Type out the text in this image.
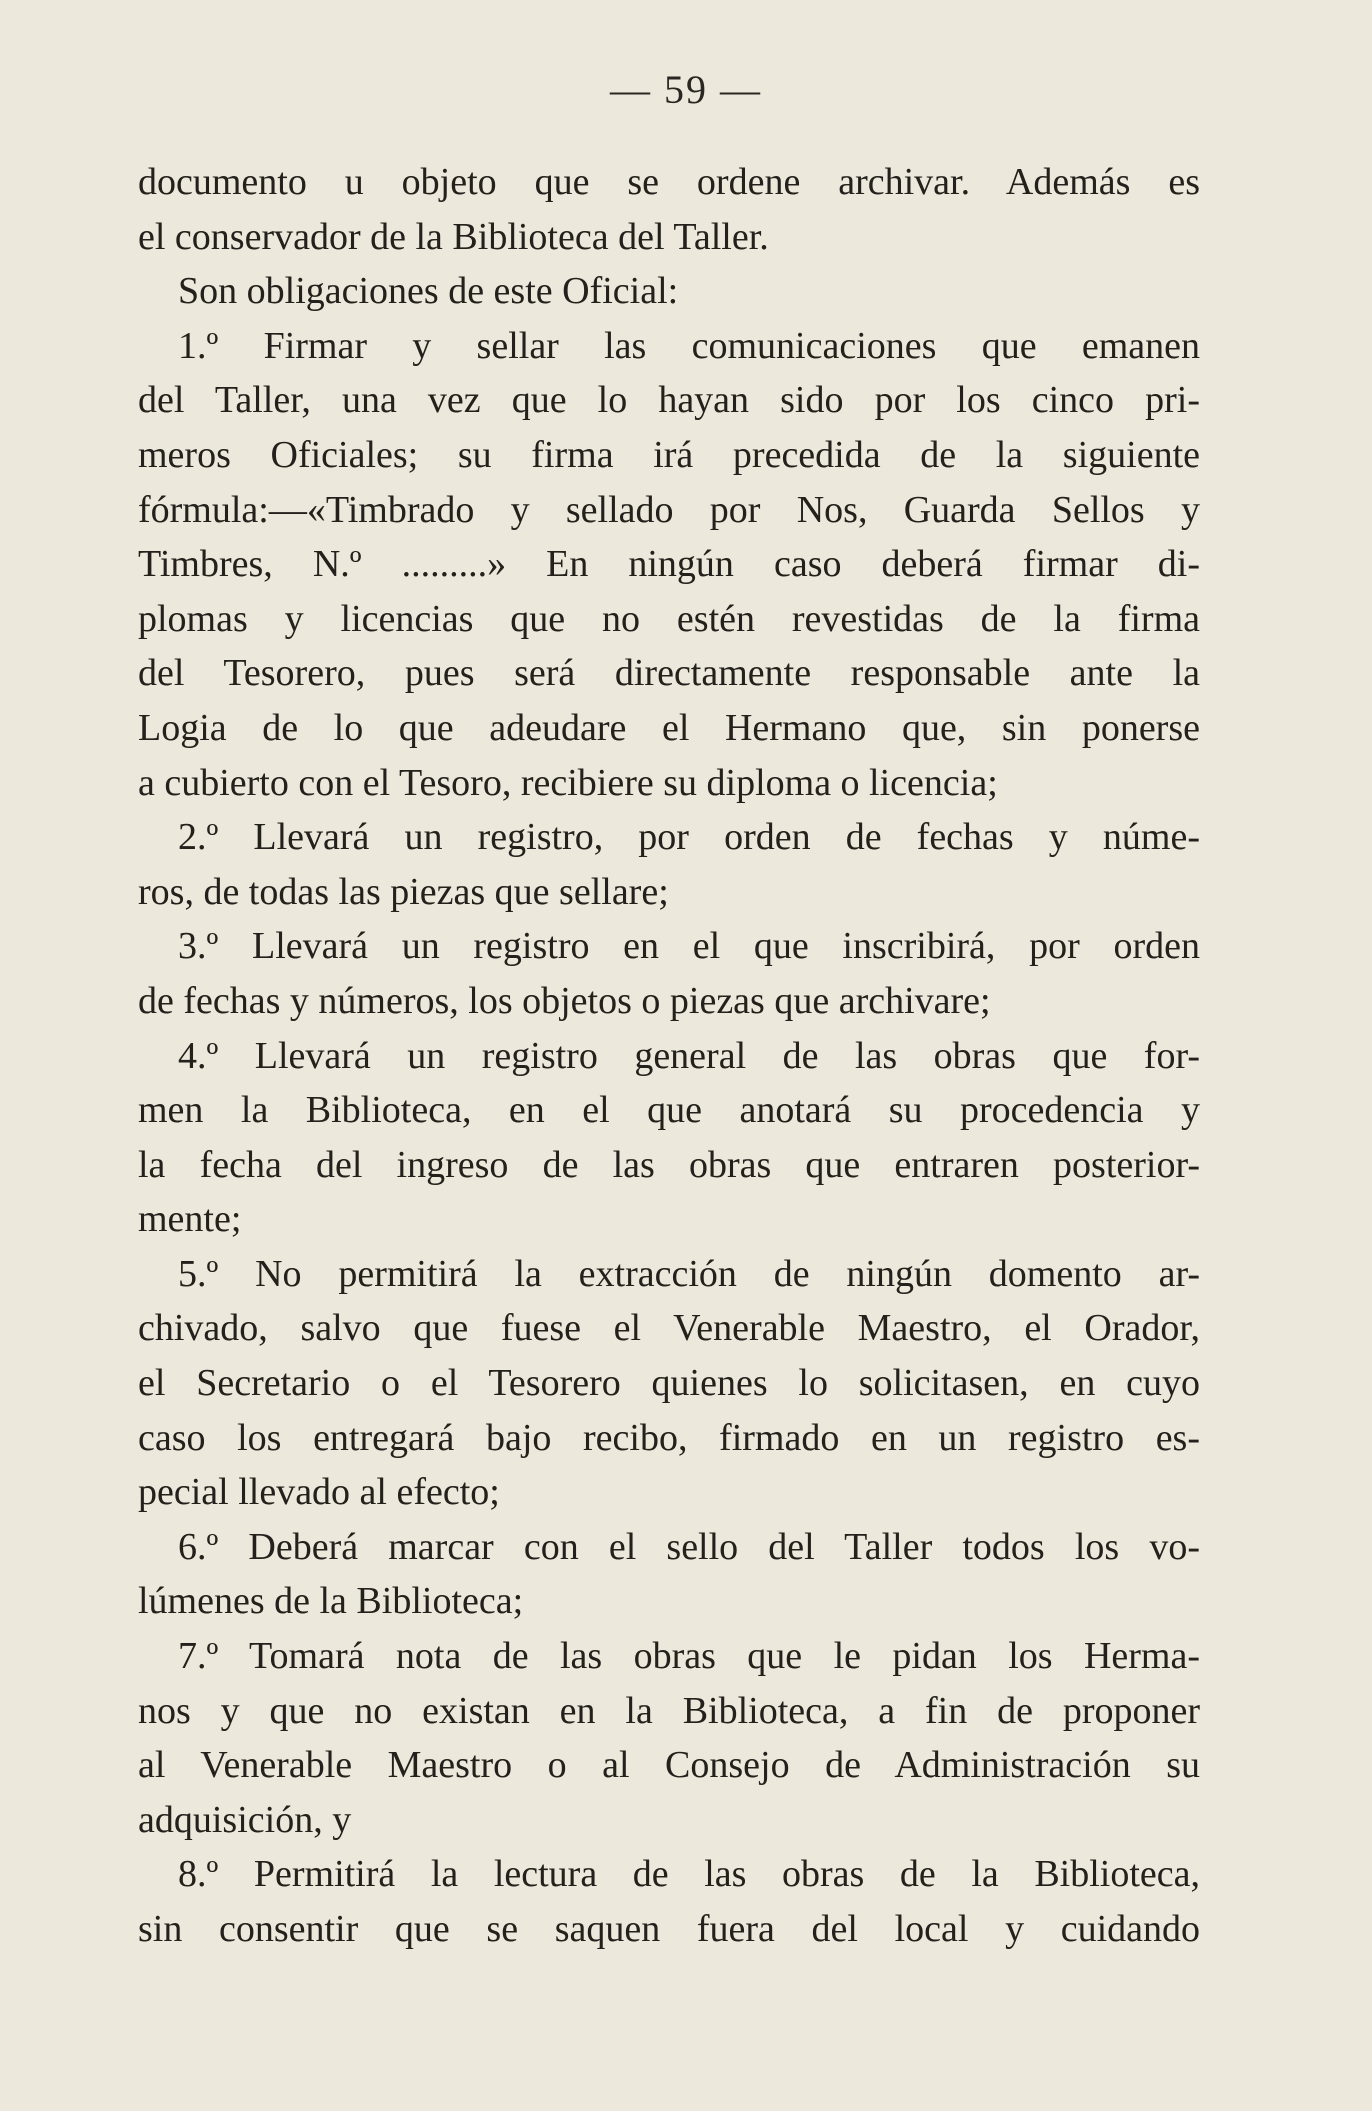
— 59 —
documento u objeto que se ordene archivar. Además es
el conservador de la Biblioteca del Taller.
Son obligaciones de este Oficial:
1.º Firmar y sellar las comunicaciones que emanen
del Taller, una vez que lo hayan sido por los cinco pri-
meros Oficiales; su firma irá precedida de la siguiente
fórmula:—«Timbrado y sellado por Nos, Guarda Sellos y
Timbres, N.º .........» En ningún caso deberá firmar di-
plomas y licencias que no estén revestidas de la firma
del Tesorero, pues será directamente responsable ante la
Logia de lo que adeudare el Hermano que, sin ponerse
a cubierto con el Tesoro, recibiere su diploma o licencia;
2.º Llevará un registro, por orden de fechas y núme-
ros, de todas las piezas que sellare;
3.º Llevará un registro en el que inscribirá, por orden
de fechas y números, los objetos o piezas que archivare;
4.º Llevará un registro general de las obras que for-
men la Biblioteca, en el que anotará su procedencia y
la fecha del ingreso de las obras que entraren posterior-
mente;
5.º No permitirá la extracción de ningún domento ar-
chivado, salvo que fuese el Venerable Maestro, el Orador,
el Secretario o el Tesorero quienes lo solicitasen, en cuyo
caso los entregará bajo recibo, firmado en un registro es-
pecial llevado al efecto;
6.º Deberá marcar con el sello del Taller todos los vo-
lúmenes de la Biblioteca;
7.º Tomará nota de las obras que le pidan los Herma-
nos y que no existan en la Biblioteca, a fin de proponer
al Venerable Maestro o al Consejo de Administración su
adquisición, y
8.º Permitirá la lectura de las obras de la Biblioteca,
sin consentir que se saquen fuera del local y cuidando
